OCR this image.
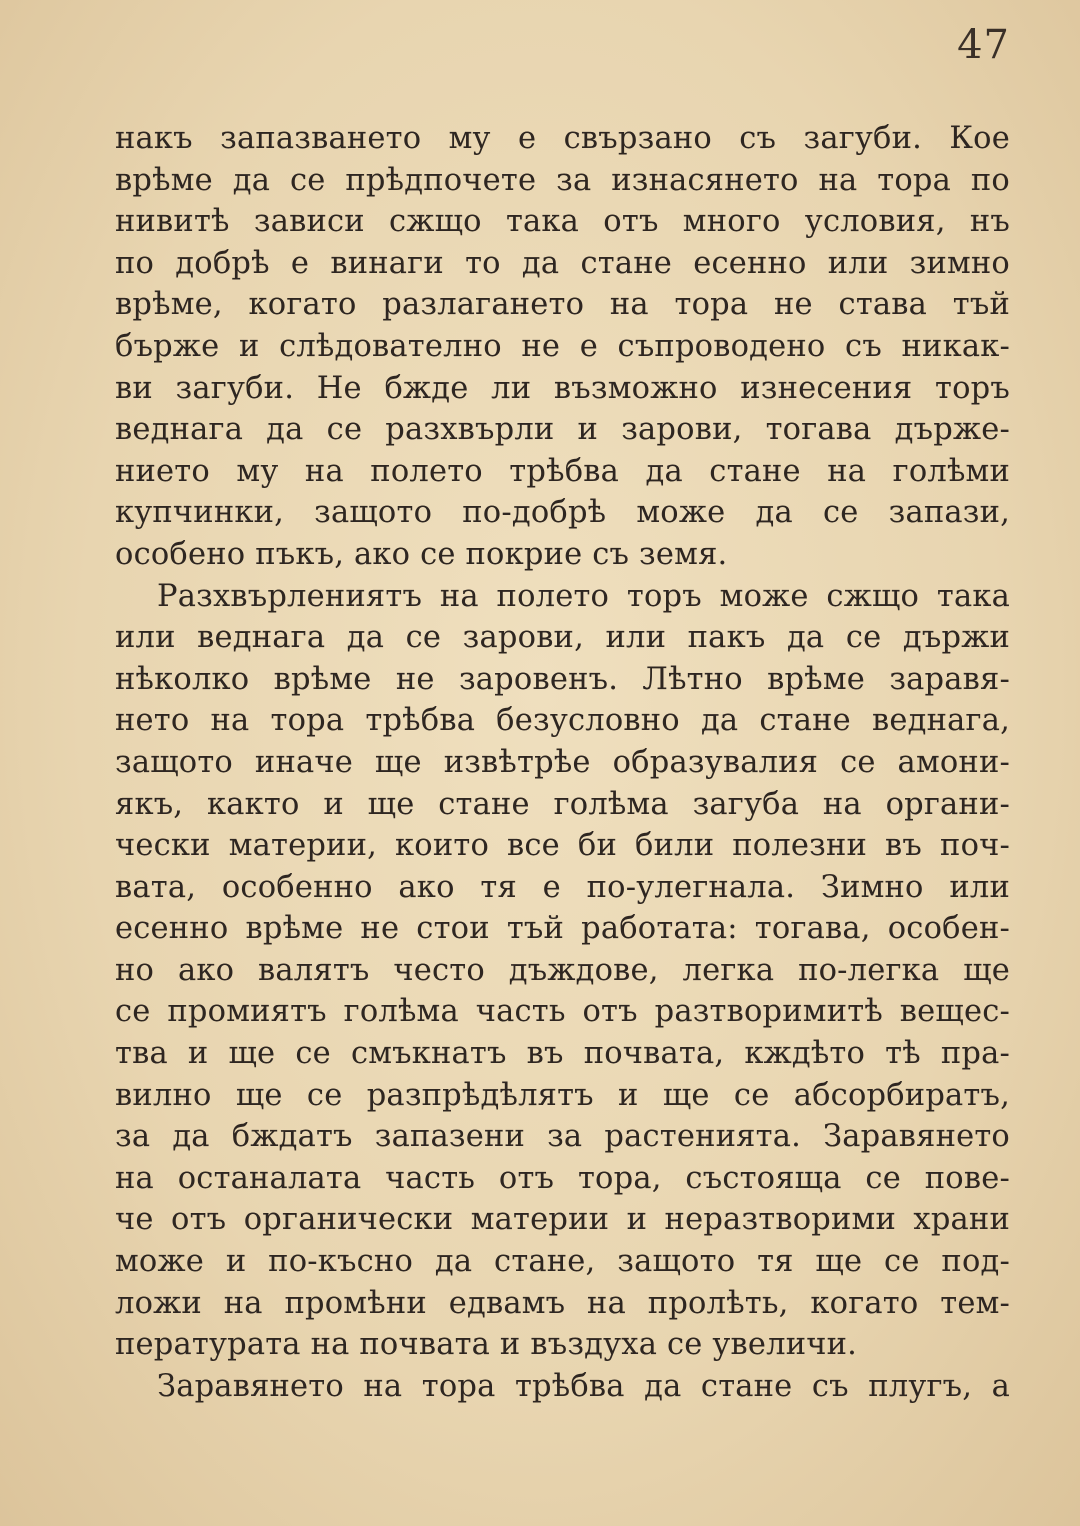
47
накъ запазването му е свързано съ загуби. Кое
врѣме да се прѣдпочете за изнасянето на тора по
нивитѣ зависи сжщо така отъ много условия, нъ
по добрѣ е винаги то да стане есенно или зимно
врѣме, когато разлагането на тора не става тъй
бърже и слѣдователно не е съпроводено съ никак-
ви загуби. Не бжде ли възможно изнесения торъ
веднага да се разхвърли и зарови, тогава държе-
нието му на полето трѣбва да стане на голѣми
купчинки, защото по-добрѣ може да се запази,
особено пъкъ, ако се покрие съ земя.
Разхвърлениятъ на полето торъ може сжщо така
или веднага да се зарови, или пакъ да се държи
нѣколко врѣме не заровенъ. Лѣтно врѣме заравя-
нето на тора трѣбва безусловно да стане веднага,
защото иначе ще извѣтрѣе образувалия се амони-
якъ, както и ще стане голѣма загуба на органи-
чески материи, които все би били полезни въ поч-
вата, особенно ако тя е по-улегнала. Зимно или
есенно врѣме не стои тъй работата: тогава, особен-
но ако валятъ често дъждове, легка по-легка ще
се промиятъ голѣма часть отъ разтворимитѣ вещес-
тва и ще се смъкнатъ въ почвата, кждѣто тѣ пра-
вилно ще се разпрѣдѣлятъ и ще се абсорбиратъ,
за да бждатъ запазени за растенията. Заравянето
на останалата часть отъ тора, състояща се пове-
че отъ органически материи и неразтворими храни
може и по-късно да стане, защото тя ще се под-
ложи на промѣни едвамъ на пролѣть, когато тем-
пературата на почвата и въздуха се увеличи.
Заравянето на тора трѣбва да стане съ плугъ, а
